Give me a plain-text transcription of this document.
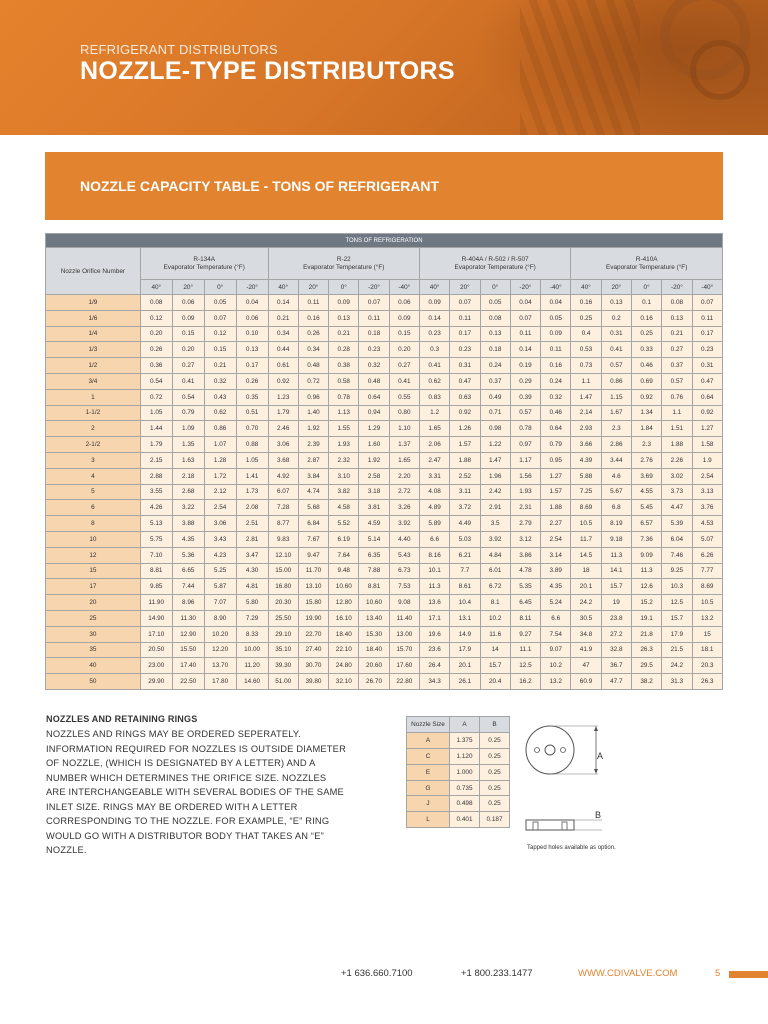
REFRIGERANT DISTRIBUTORS
NOZZLE-TYPE DISTRIBUTORS
NOZZLE CAPACITY TABLE - TONS OF REFRIGERANT
TONS OF REFRIGERATION																			
Nozzle Orifice Number	R-134A
Evaporator Temperature (°F)				R-22
Evaporator Temperature (°F)					R-404A / R-502 / R-507
Evaporator Temperature (°F)					R-410A
Evaporator Temperature (°F)				
	40°	20°	0°	-20°	40°	20°	0°	-20°	-40°	40°	20°	0°	-20°	-40°	40°	20°	0°	-20°	-40°
1/9	0.08	0.06	0.05	0.04	0.14	0.11	0.09	0.07	0.06	0.09	0.07	0.05	0.04	0.04	0.16	0.13	0.1	0.08	0.07
1/6	0.12	0.09	0.07	0.06	0.21	0.16	0.13	0.11	0.09	0.14	0.11	0.08	0.07	0.05	0.25	0.2	0.16	0.13	0.11
1/4	0.20	0.15	0.12	0.10	0.34	0.26	0.21	0.18	0.15	0.23	0.17	0.13	0.11	0.09	0.4	0.31	0.25	0.21	0.17
1/3	0.26	0.20	0.15	0.13	0.44	0.34	0.28	0.23	0.20	0.3	0.23	0.18	0.14	0.11	0.53	0.41	0.33	0.27	0.23
1/2	0.36	0.27	0.21	0.17	0.61	0.48	0.38	0.32	0.27	0.41	0.31	0.24	0.19	0.16	0.73	0.57	0.46	0.37	0.31
3/4	0.54	0.41	0.32	0.26	0.92	0.72	0.58	0.48	0.41	0.62	0.47	0.37	0.29	0.24	1.1	0.86	0.69	0.57	0.47
1	0.72	0.54	0.43	0.35	1.23	0.96	0.78	0.64	0.55	0.83	0.63	0.49	0.39	0.32	1.47	1.15	0.92	0.76	0.64
1-1/2	1.05	0.79	0.62	0.51	1.79	1.40	1.13	0.94	0.80	1.2	0.92	0.71	0.57	0.46	2.14	1.67	1.34	1.1	0.92
2	1.44	1.09	0.86	0.70	2.46	1.92	1.55	1.29	1.10	1.65	1.26	0.98	0.78	0.64	2.93	2.3	1.84	1.51	1.27
2-1/2	1.79	1.35	1.07	0.88	3.06	2.39	1.93	1.60	1.37	2.06	1.57	1.22	0.97	0.79	3.66	2.86	2.3	1.88	1.58
3	2.15	1.63	1.28	1.05	3.68	2.87	2.32	1.92	1.65	2.47	1.88	1.47	1.17	0.95	4.39	3.44	2.76	2.26	1.9
4	2.88	2.18	1.72	1.41	4.92	3.84	3.10	2.58	2.20	3.31	2.52	1.96	1.56	1.27	5.88	4.6	3.69	3.02	2.54
5	3.55	2.68	2.12	1.73	6.07	4.74	3.82	3.18	2.72	4.08	3.11	2.42	1.93	1.57	7.25	5.67	4.55	3.73	3.13
6	4.26	3.22	2.54	2.08	7.28	5.68	4.58	3.81	3.26	4.89	3.72	2.91	2.31	1.88	8.69	6.8	5.45	4.47	3.76
8	5.13	3.88	3.06	2.51	8.77	6.84	5.52	4.59	3.92	5.89	4.49	3.5	2.79	2.27	10.5	8.19	6.57	5.39	4.53
10	5.75	4.35	3.43	2.81	9.83	7.67	6.19	5.14	4.40	6.6	5.03	3.92	3.12	2.54	11.7	9.18	7.36	6.04	5.07
12	7.10	5.36	4.23	3.47	12.10	9.47	7.64	6.35	5.43	8.16	6.21	4.84	3.86	3.14	14.5	11.3	9.09	7.46	6.26
15	8.81	6.65	5.25	4.30	15.00	11.70	9.48	7.88	6.73	10.1	7.7	6.01	4.78	3.89	18	14.1	11.3	9.25	7.77
17	9.85	7.44	5.87	4.81	16.80	13.10	10.60	8.81	7.53	11.3	8.61	6.72	5.35	4.35	20.1	15.7	12.6	10.3	8.69
20	11.90	8.96	7.07	5.80	20.30	15.80	12.80	10.60	9.08	13.6	10.4	8.1	6.45	5.24	24.2	19	15.2	12.5	10.5
25	14.90	11.30	8.90	7.29	25.50	19.90	16.10	13.40	11.40	17.1	13.1	10.2	8.11	6.6	30.5	23.8	19.1	15.7	13.2
30	17.10	12.90	10.20	8.33	29.10	22.70	18.40	15.30	13.00	19.6	14.9	11.6	9.27	7.54	34.8	27.2	21.8	17.9	15
35	20.50	15.50	12.20	10.00	35.10	27.40	22.10	18.40	15.70	23.6	17.9	14	11.1	9.07	41.9	32.8	26.3	21.5	18.1
40	23.00	17.40	13.70	11.20	39.30	30.70	24.80	20.60	17.60	26.4	20.1	15.7	12.5	10.2	47	36.7	29.5	24.2	20.3
50	29.90	22.50	17.80	14.60	51.00	39.80	32.10	26.70	22.80	34.3	26.1	20.4	16.2	13.2	60.9	47.7	38.2	31.3	26.3
NOZZLES AND RETAINING RINGS

NOZZLES AND RINGS MAY BE ORDERED SEPERATELY. INFORMATION REQUIRED FOR NOZZLES IS OUTSIDE DIAMETER OF NOZZLE, (WHICH IS DESIGNATED BY A LETTER) AND A NUMBER WHICH DETERMINES THE ORIFICE SIZE. NOZZLES ARE INTERCHANGEABLE WITH SEVERAL BODIES OF THE SAME INLET SIZE. RINGS MAY BE ORDERED WITH A LETTER CORRESPONDING TO THE NOZZLE. FOR EXAMPLE, “E” RING WOULD GO WITH A DISTRIBUTOR BODY THAT TAKES AN “E” NOZZLE.

Nozzle Size	A	B
A	1.375	0.25
C	1.120	0.25
E	1.000	0.25
G	0.735	0.25
J	0.498	0.25
L	0.401	0.187
A
B
Tapped holes available as option.
+1 636.660.7100	+1 800.233.1477	WWW.CDIVALVE.COM	5
